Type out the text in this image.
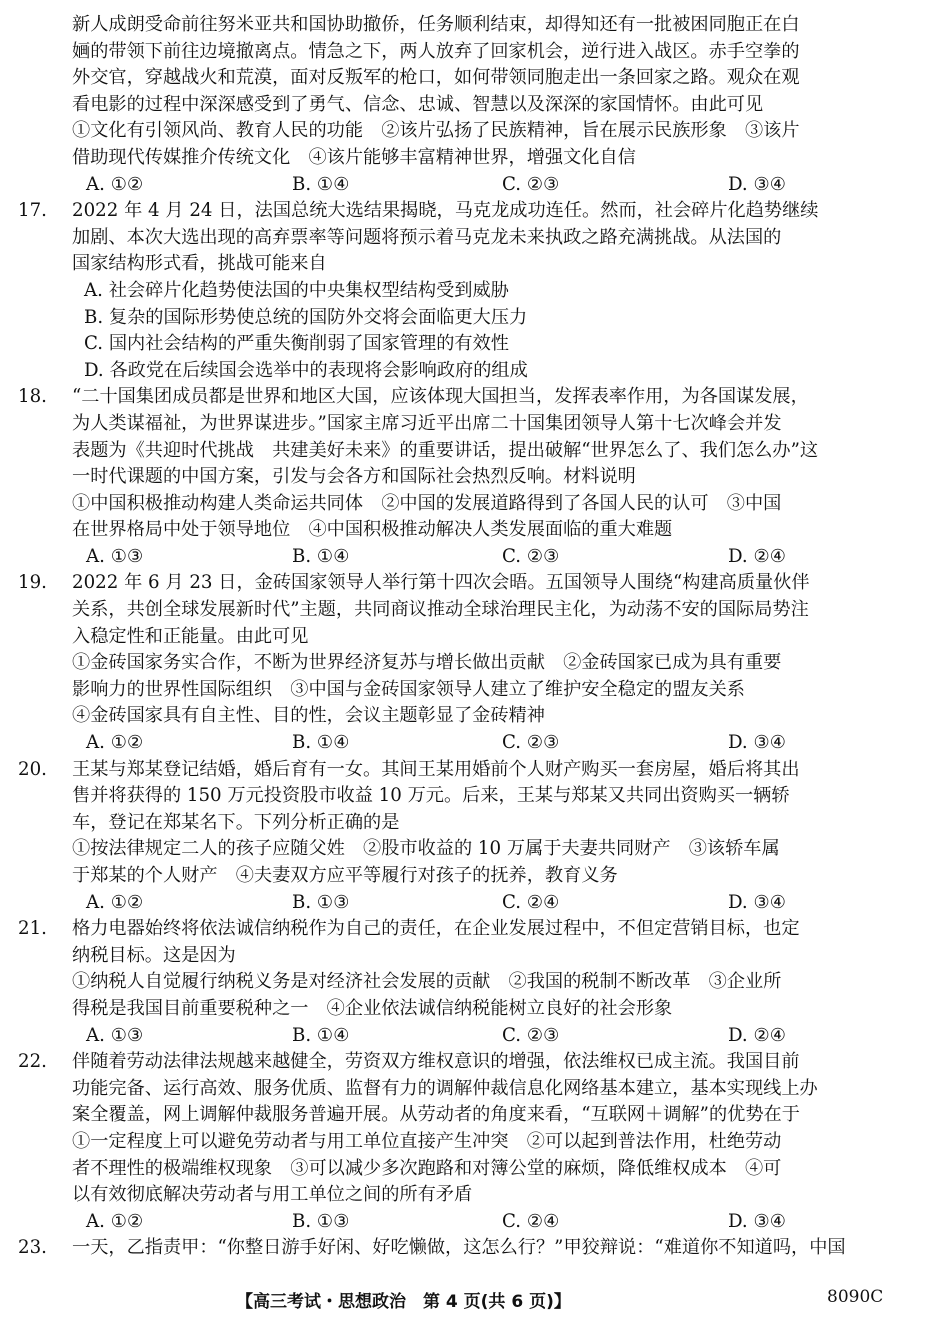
新人成朗受命前往努米亚共和国协助撤侨，任务顺利结束，却得知还有一批被困同胞正在白
婳的带领下前往边境撤离点。情急之下，两人放弃了回家机会，逆行进入战区。赤手空拳的
外交官，穿越战火和荒漠，面对反叛军的枪口，如何带领同胞走出一条回家之路。观众在观
看电影的过程中深深感受到了勇气、信念、忠诚、智慧以及深深的家国情怀。由此可见
①文化有引领风尚、教育人民的功能　②该片弘扬了民族精神，旨在展示民族形象　③该片
借助现代传媒推介传统文化　④该片能够丰富精神世界，增强文化自信
A. ①②	B. ①④	C. ②③	D. ③④
17.	2022 年 4 月 24 日，法国总统大选结果揭晓，马克龙成功连任。然而，社会碎片化趋势继续
加剧、本次大选出现的高弃票率等问题将预示着马克龙未来执政之路充满挑战。从法国的
国家结构形式看，挑战可能来自
A. 社会碎片化趋势使法国的中央集权型结构受到威胁
B. 复杂的国际形势使总统的国防外交将会面临更大压力
C. 国内社会结构的严重失衡削弱了国家管理的有效性
D. 各政党在后续国会选举中的表现将会影响政府的组成
18.	“二十国集团成员都是世界和地区大国，应该体现大国担当，发挥表率作用，为各国谋发展，
为人类谋福祉，为世界谋进步。”国家主席习近平出席二十国集团领导人第十七次峰会并发
表题为《共迎时代挑战　共建美好未来》的重要讲话，提出破解“世界怎么了、我们怎么办”这
一时代课题的中国方案，引发与会各方和国际社会热烈反响。材料说明
①中国积极推动构建人类命运共同体　②中国的发展道路得到了各国人民的认可　③中国
在世界格局中处于领导地位　④中国积极推动解决人类发展面临的重大难题
A. ①③	B. ①④	C. ②③	D. ②④
19.	2022 年 6 月 23 日，金砖国家领导人举行第十四次会晤。五国领导人围绕“构建高质量伙伴
关系，共创全球发展新时代”主题，共同商议推动全球治理民主化，为动荡不安的国际局势注
入稳定性和正能量。由此可见
①金砖国家务实合作，不断为世界经济复苏与增长做出贡献　②金砖国家已成为具有重要
影响力的世界性国际组织　③中国与金砖国家领导人建立了维护安全稳定的盟友关系
④金砖国家具有自主性、目的性，会议主题彰显了金砖精神
A. ①②	B. ①④	C. ②③	D. ③④
20.	王某与郑某登记结婚，婚后育有一女。其间王某用婚前个人财产购买一套房屋，婚后将其出
售并将获得的 150 万元投资股市收益 10 万元。后来，王某与郑某又共同出资购买一辆轿
车，登记在郑某名下。下列分析正确的是
①按法律规定二人的孩子应随父姓　②股市收益的 10 万属于夫妻共同财产　③该轿车属
于郑某的个人财产　④夫妻双方应平等履行对孩子的抚养，教育义务
A. ①②	B. ①③	C. ②④	D. ③④
21.	格力电器始终将依法诚信纳税作为自己的责任，在企业发展过程中，不但定营销目标，也定
纳税目标。这是因为
①纳税人自觉履行纳税义务是对经济社会发展的贡献　②我国的税制不断改革　③企业所
得税是我国目前重要税种之一　④企业依法诚信纳税能树立良好的社会形象
A. ①③	B. ①④	C. ②③	D. ②④
22.	伴随着劳动法律法规越来越健全，劳资双方维权意识的增强，依法维权已成主流。我国目前
功能完备、运行高效、服务优质、监督有力的调解仲裁信息化网络基本建立，基本实现线上办
案全覆盖，网上调解仲裁服务普遍开展。从劳动者的角度来看，“互联网＋调解”的优势在于
①一定程度上可以避免劳动者与用工单位直接产生冲突　②可以起到普法作用，杜绝劳动
者不理性的极端维权现象　③可以减少多次跑路和对簿公堂的麻烦，降低维权成本　④可
以有效彻底解决劳动者与用工单位之间的所有矛盾
A. ①②	B. ①③	C. ②④	D. ③④
23.	一天，乙指责甲：“你整日游手好闲、好吃懒做，这怎么行？”甲狡辩说：“难道你不知道吗，中国
【高三考试・思想政治　第 4 页(共 6 页)】	8090C
